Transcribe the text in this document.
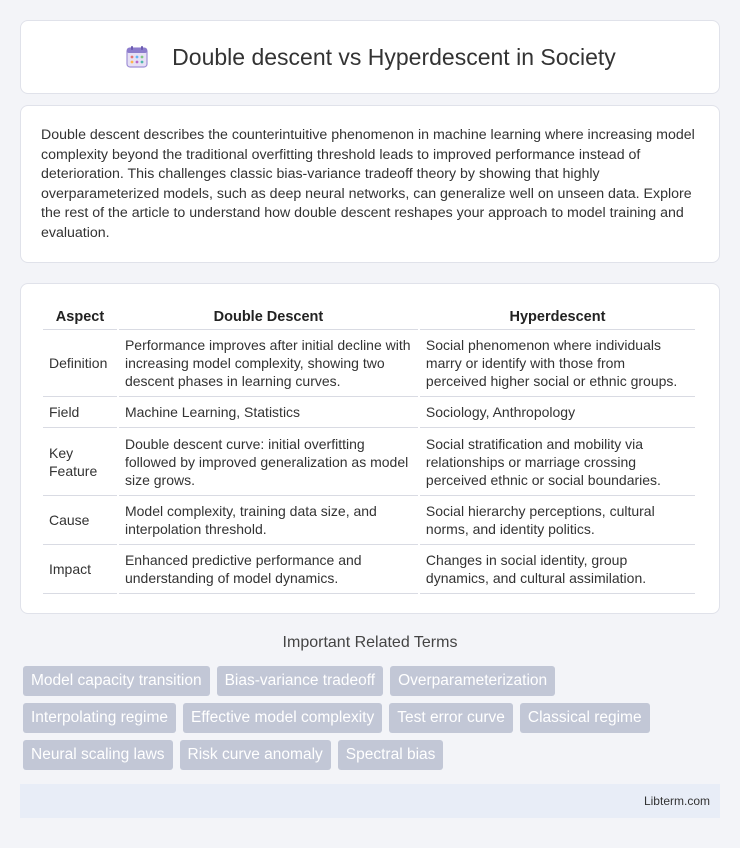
Double descent vs Hyperdescent in Society

Double descent describes the counterintuitive phenomenon in machine learning where increasing model complexity beyond the traditional overfitting threshold leads to improved performance instead of deterioration. This challenges classic bias-variance tradeoff theory by showing that highly overparameterized models, such as deep neural networks, can generalize well on unseen data. Explore the rest of the article to understand how double descent reshapes your approach to model training and evaluation.

Aspect	Double Descent	Hyperdescent
Definition	Performance improves after initial decline with increasing model complexity, showing two descent phases in learning curves.	Social phenomenon where individuals marry or identify with those from perceived higher social or ethnic groups.
Field	Machine Learning, Statistics	Sociology, Anthropology
Key Feature	Double descent curve: initial overfitting followed by improved generalization as model size grows.	Social stratification and mobility via relationships or marriage crossing perceived ethnic or social boundaries.
Cause	Model complexity, training data size, and interpolation threshold.	Social hierarchy perceptions, cultural norms, and identity politics.
Impact	Enhanced predictive performance and understanding of model dynamics.	Changes in social identity, group dynamics, and cultural assimilation.
Important Related Terms
Model capacity transition	Bias-variance tradeoff	Overparameterization
Interpolating regime	Effective model complexity	Test error curve	Classical regime
Neural scaling laws	Risk curve anomaly	Spectral bias
Libterm.com
